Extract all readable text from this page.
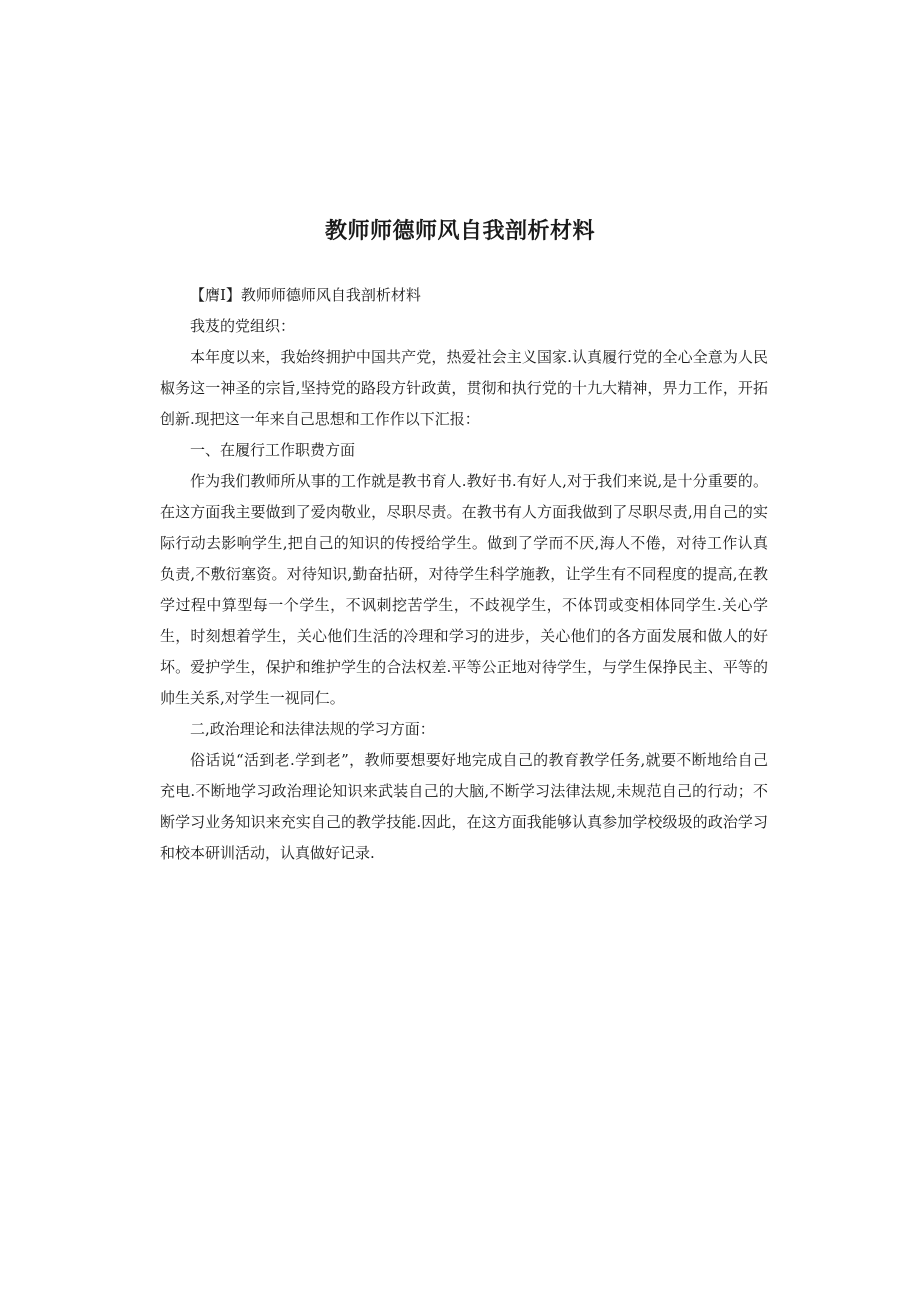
教师师德师风自我剖析材料

【膺I】教师师德师风自我剖析材料

我芨的党组织：

本年度以来，我始终拥护中国共产党，热爱社会主义国家.认真履行党的全心全意为人民椒务这一神圣的宗旨,坚持党的路段方针政黄，贯彻和执行党的十九大精神，畀力工作，开拓创新.现把这一年来自己思想和工作作以下汇报：

一、在履行工作职费方面

作为我们教师所从事的工作就是教书育人.教好书.有好人,对于我们来说,是十分重要的。在这方面我主要做到了爱肉敬业，尽职尽责。在教书有人方面我做到了尽职尽责,用自己的实际行动去影响学生,把自己的知识的传授给学生。做到了学而不厌,海人不倦，对待工作认真负责,不敷衍塞资。对待知识,勤奋拈研，对待学生科学施教，让学生有不同程度的提高,在教学过程中算型每一个学生，不讽刺挖苦学生，不歧视学生，不体罚或变相体同学生.关心学生，时刻想着学生，关心他们生活的冷理和学习的进步，关心他们的各方面发展和做人的好坏。爱护学生，保护和维护学生的合法权差.平等公正地对待学生，与学生保挣民主、平等的帅生关系,对学生一视同仁。

二,政治理论和法律法规的学习方面：

俗话说“活到老.学到老”，教师要想要好地完成自己的教育教学任务,就要不断地给自己充电.不断地学习政治理论知识来武装自己的大脑,不断学习法律法规,未规范自己的行动；不断学习业务知识来充实自己的教学技能.因此，在这方面我能够认真参加学校级圾的政治学习和校本研训活动，认真做好记录.
